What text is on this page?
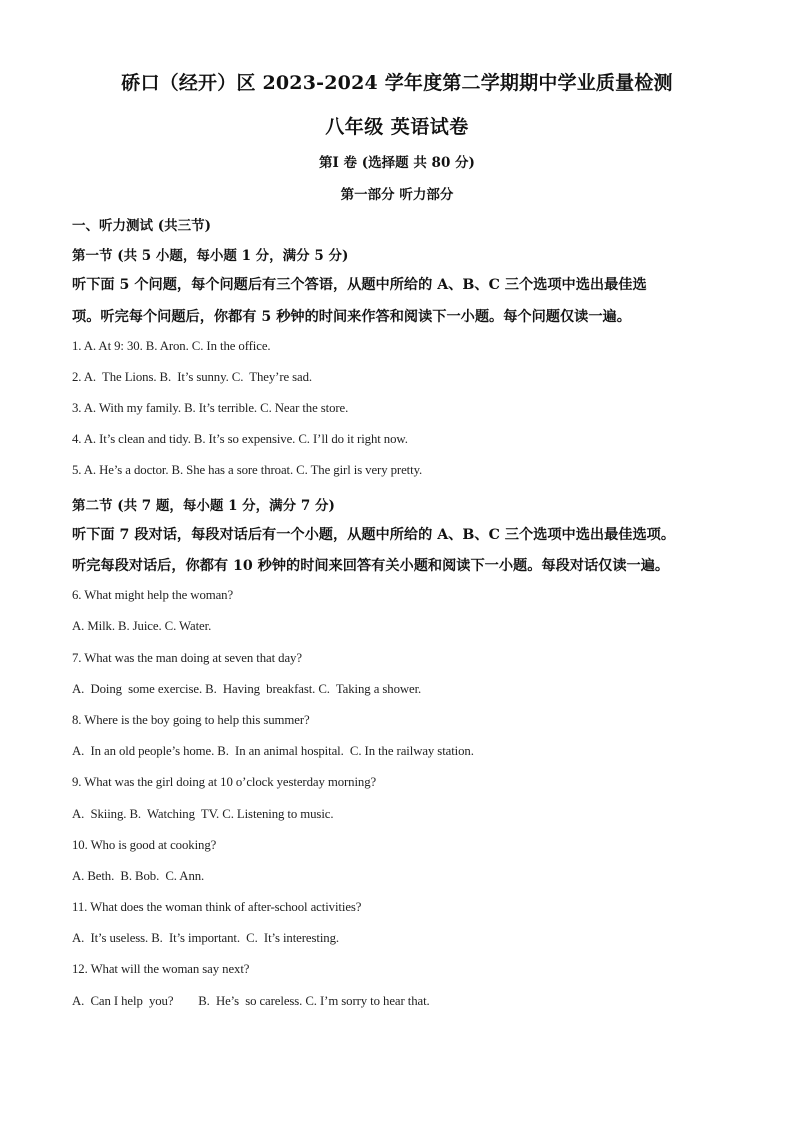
硚口（经开）区 2023-2024 学年度第二学期期中学业质量检测
八年级 英语试卷
第Ⅰ 卷 (选择题 共 80 分)
第一部分 听力部分
一、听力测试 (共三节)
第一节 (共 5 小题，每小题 1 分，满分 5 分)
听下面 5 个问题，每个问题后有三个答语，从题中所给的 A、B、C 三个选项中选出最佳选
项。听完每个问题后，你都有 5 秒钟的时间来作答和阅读下一小题。每个问题仅读一遍。
1. A. At 9: 30. B. Aron. C. In the office.
2. A.  The Lions. B.  It’s sunny. C.  They’re sad.
3. A. With my family. B. It’s terrible. C. Near the store.
4. A. It’s clean and tidy. B. It’s so expensive. C. I’ll do it right now.
5. A. He’s a doctor. B. She has a sore throat. C. The girl is very pretty.
第二节 (共 7 题，每小题 1 分，满分 7 分)
听下面 7 段对话，每段对话后有一个小题，从题中所给的 A、B、C 三个选项中选出最佳选项。
听完每段对话后，你都有 10 秒钟的时间来回答有关小题和阅读下一小题。每段对话仅读一遍。
6. What might help the woman?
A. Milk. B. Juice. C. Water.
7. What was the man doing at seven that day?
A.  Doing  some exercise. B.  Having  breakfast. C.  Taking a shower.
8. Where is the boy going to help this summer?
A.  In an old people’s home. B.  In an animal hospital.  C. In the railway station.
9. What was the girl doing at 10 o’clock yesterday morning?
A.  Skiing. B.  Watching  TV. C. Listening to music.
10. Who is good at cooking?
A. Beth.  B. Bob.  C. Ann.
11. What does the woman think of after-school activities?
A.  It’s useless. B.  It’s important.  C.  It’s interesting.
12. What will the woman say next?
A.  Can I help  you?        B.  He’s  so careless. C. I’m sorry to hear that.
